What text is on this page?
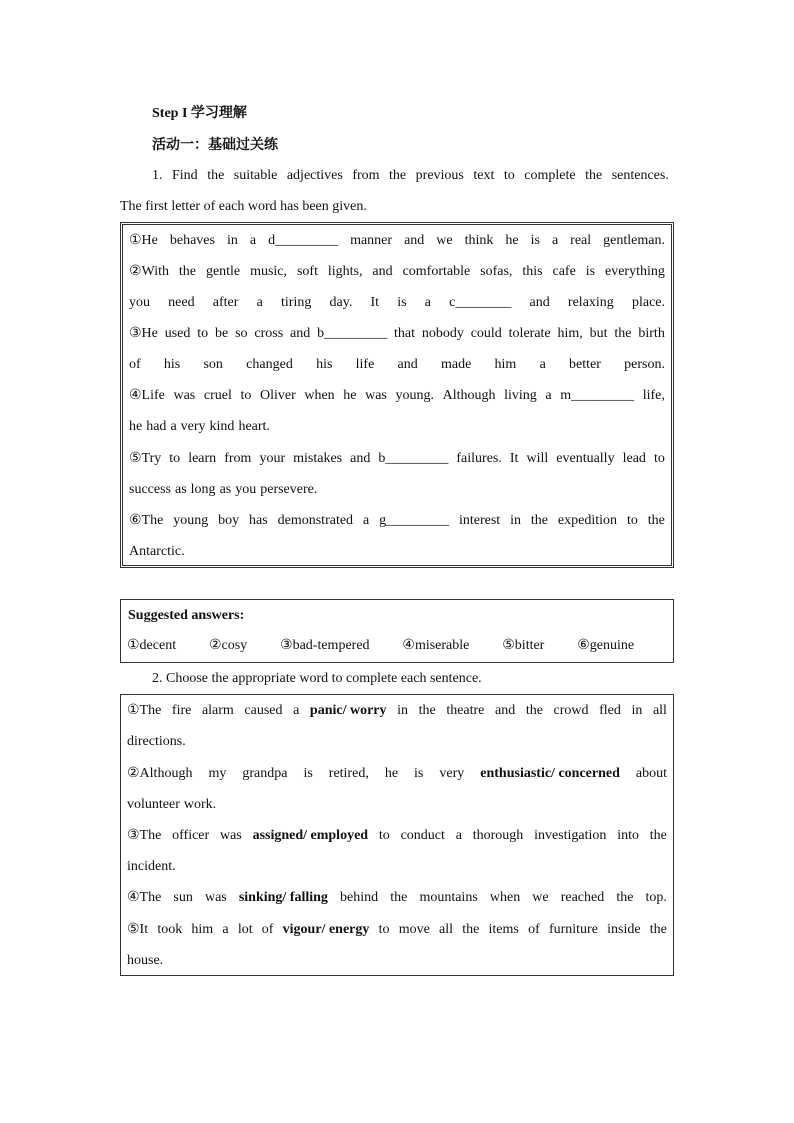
Step I 学习理解
活动一：基础过关练
1. Find the suitable adjectives from the previous text to complete the sentences.
The first letter of each word has been given.
①He behaves in a d_________ manner and we think he is a real gentleman.
②With the gentle music, soft lights, and comfortable sofas, this cafe is everything
you need after a tiring day. It is a c________ and relaxing place.
③He used to be so cross and b_________ that nobody could tolerate him, but the birth
of his son changed his life and made him a better person.
④Life was cruel to Oliver when he was young. Although living a m_________ life,
he had a very kind heart.
⑤Try to learn from your mistakes and b_________ failures. It will eventually lead to
success as long as you persevere.
⑥The young boy has demonstrated a g_________ interest in the expedition to the
Antarctic.
Suggested answers:
①decent ②cosy ③bad-tempered ④miserable ⑤bitter ⑥genuine
2. Choose the appropriate word to complete each sentence.
①The fire alarm caused a panic/ worry in the theatre and the crowd fled in all
directions.
②Although my grandpa is retired, he is very enthusiastic/ concerned about
volunteer work.
③The officer was assigned/ employed to conduct a thorough investigation into the
incident.
④The sun was sinking/ falling behind the mountains when we reached the top.
⑤It took him a lot of vigour/ energy to move all the items of furniture inside the
house.
